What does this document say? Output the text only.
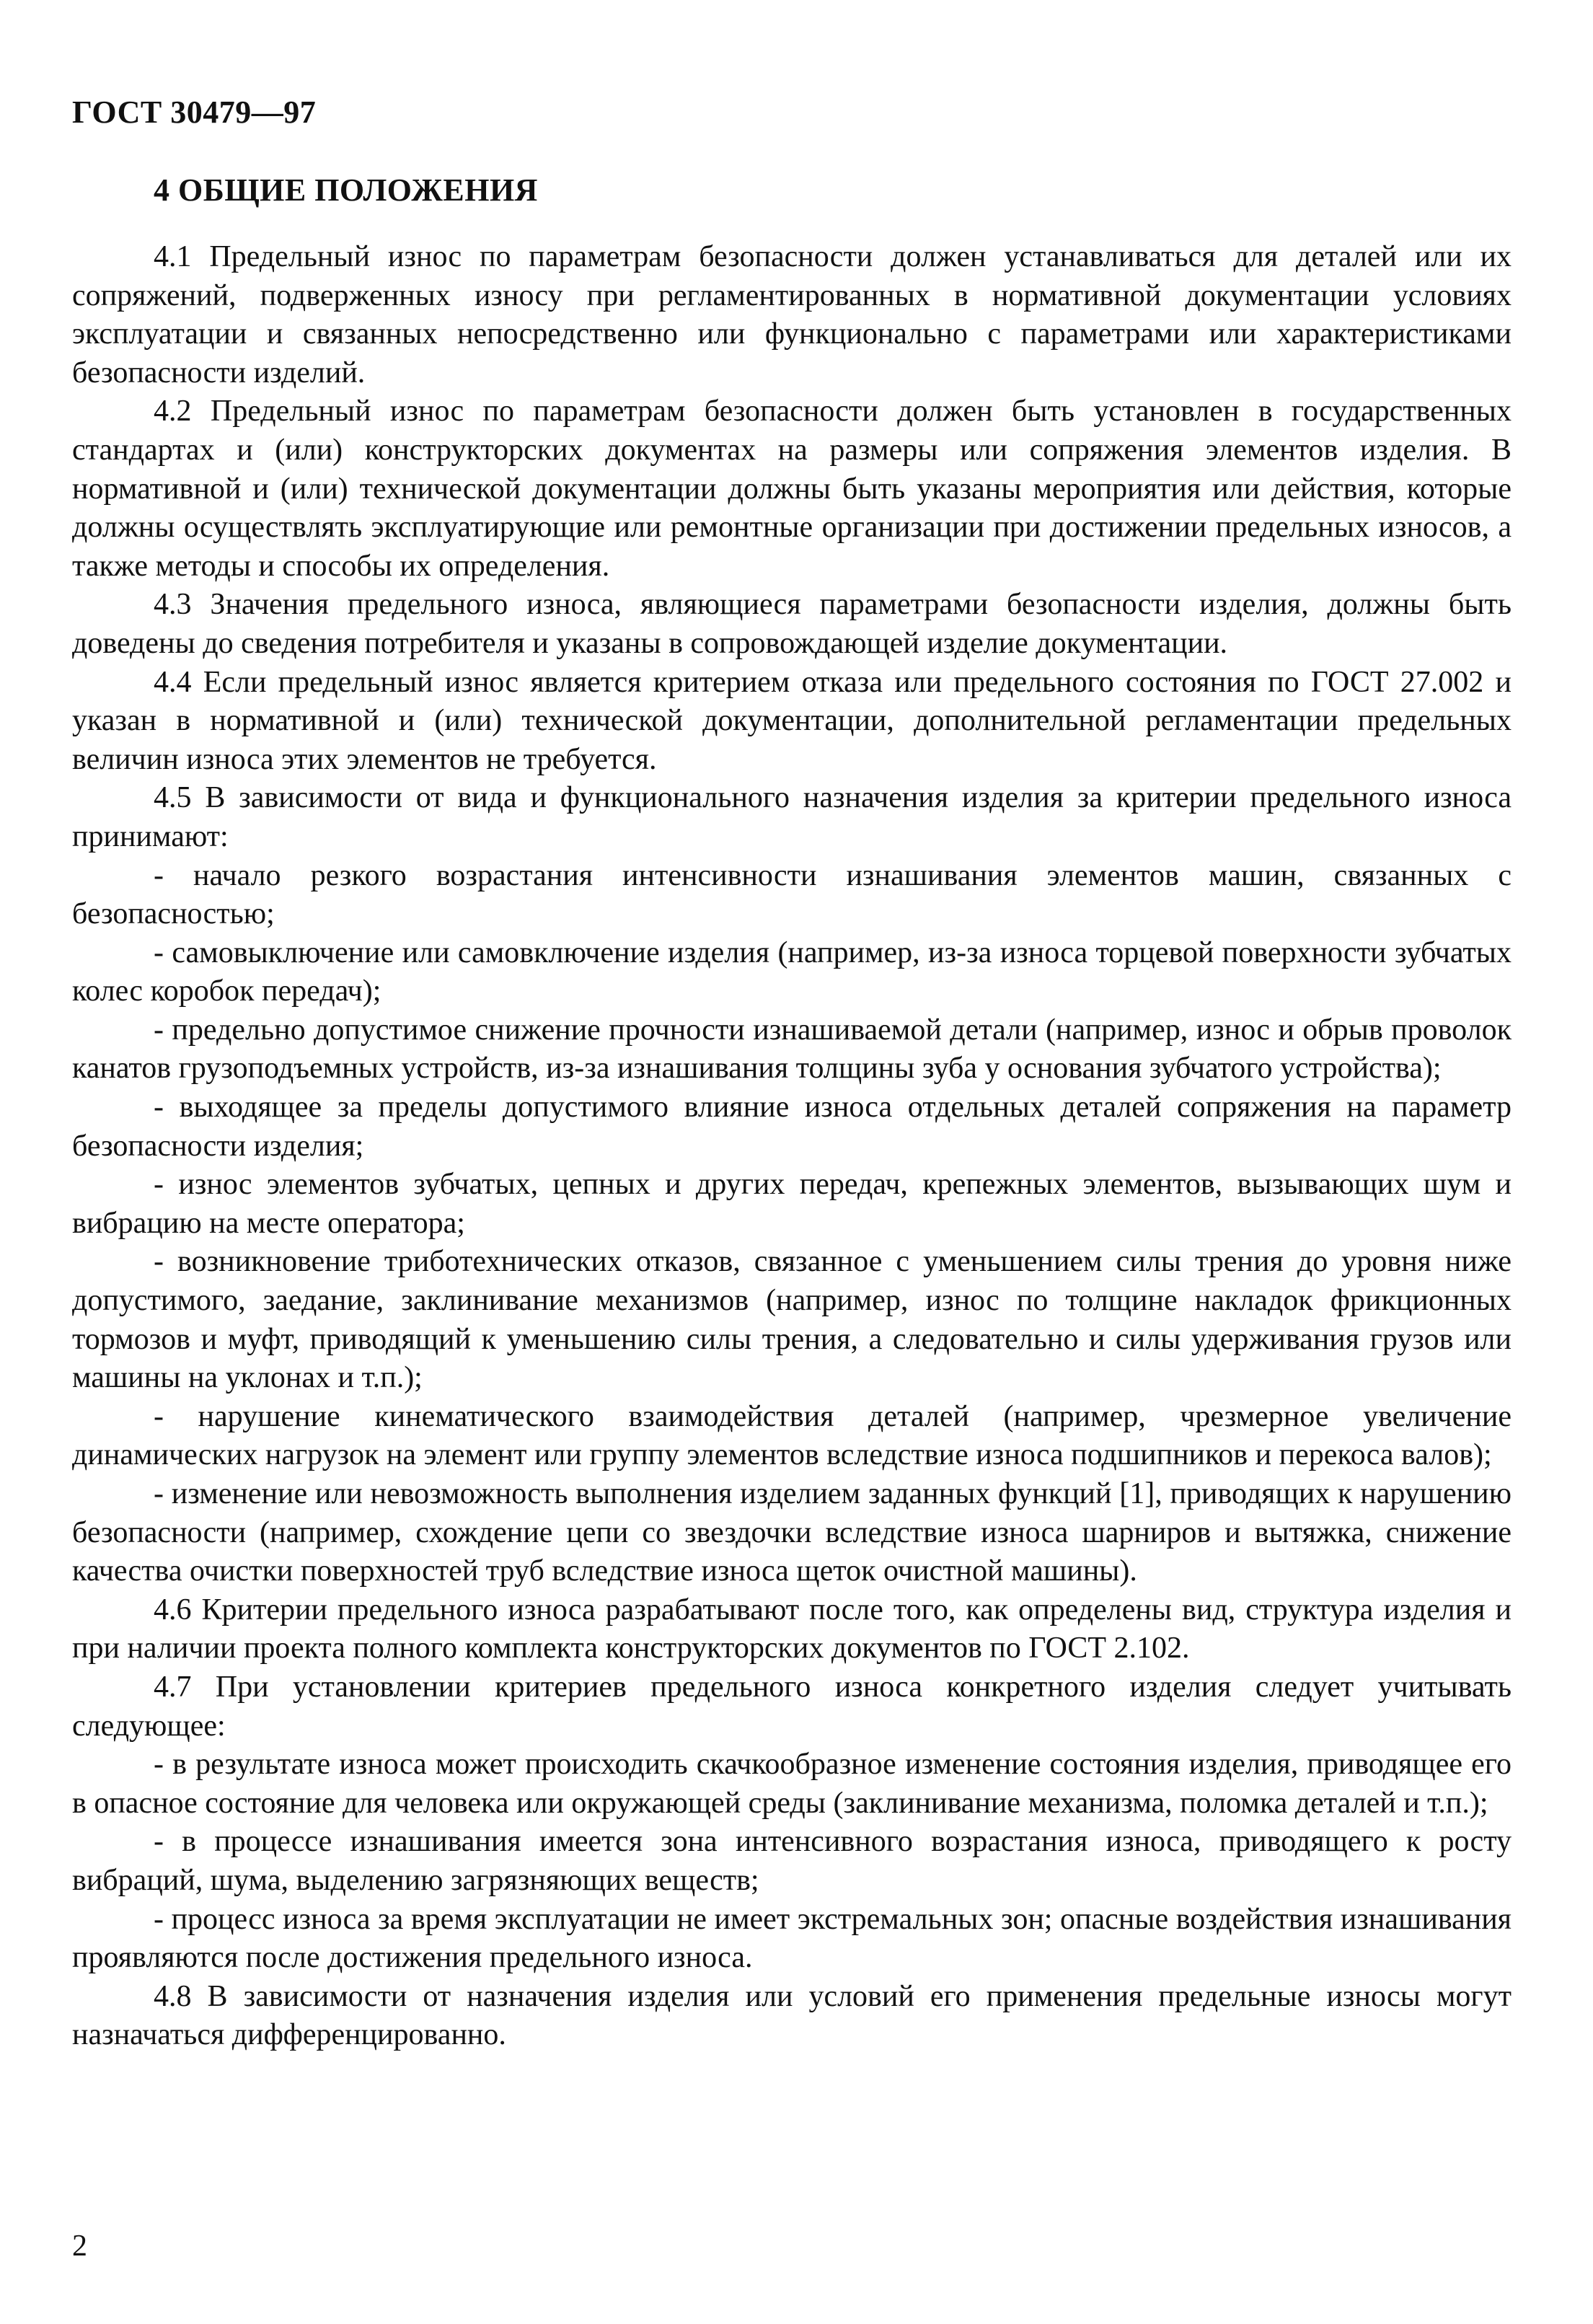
ГОСТ 30479—97
4 ОБЩИЕ ПОЛОЖЕНИЯ

4.1 Предельный износ по параметрам безопасности должен устанавливаться для деталей или их сопряжений, подверженных износу при регламентированных в нормативной документации условиях эксплуатации и связанных непосредственно или функционально с параметрами или характеристиками безопасности изделий.

4.2 Предельный износ по параметрам безопасности должен быть установлен в государственных стандартах и (или) конструкторских документах на размеры или сопряжения элементов изделия. В нормативной и (или) технической документации должны быть указаны мероприятия или действия, которые должны осуществлять эксплуатирующие или ремонтные организации при достижении предельных износов, а также методы и способы их определения.

4.3 Значения предельного износа, являющиеся параметрами безопасности изделия, должны быть доведены до сведения потребителя и указаны в сопровождающей изделие документации.

4.4 Если предельный износ является критерием отказа или предельного состояния по ГОСТ 27.002 и указан в нормативной и (или) технической документации, дополнительной регламентации предельных величин износа этих элементов не требуется.

4.5 В зависимости от вида и функционального назначения изделия за критерии предельного износа принимают:

- начало резкого возрастания интенсивности изнашивания элементов машин, связанных с безопасностью;

- самовыключение или самовключение изделия (например, из-за износа торцевой поверхности зубчатых колес коробок передач);

- предельно допустимое снижение прочности изнашиваемой детали (например, износ и обрыв проволок канатов грузоподъемных устройств, из-за изнашивания толщины зуба у основания зубчатого устройства);

- выходящее за пределы допустимого влияние износа отдельных деталей сопряжения на параметр безопасности изделия;

- износ элементов зубчатых, цепных и других передач, крепежных элементов, вызывающих шум и вибрацию на месте оператора;

- возникновение триботехнических отказов, связанное с уменьшением силы трения до уровня ниже допустимого, заедание, заклинивание механизмов (например, износ по толщине накладок фрикционных тормозов и муфт, приводящий к уменьшению силы трения, а следовательно и силы удерживания грузов или машины на уклонах и т.п.);

- нарушение кинематического взаимодействия деталей (например, чрезмерное увеличение динамических нагрузок на элемент или группу элементов вследствие износа подшипников и перекоса валов);

- изменение или невозможность выполнения изделием заданных функций [1], приводящих к нарушению безопасности (например, схождение цепи со звездочки вследствие износа шарниров и вытяжка, снижение качества очистки поверхностей труб вследствие износа щеток очистной машины).

4.6 Критерии предельного износа разрабатывают после того, как определены вид, структура изделия и при наличии проекта полного комплекта конструкторских документов по ГОСТ 2.102.

4.7 При установлении критериев предельного износа конкретного изделия следует учитывать следующее:

- в результате износа может происходить скачкообразное изменение состояния изделия, приводящее его в опасное состояние для человека или окружающей среды (заклинивание механизма, поломка деталей и т.п.);

- в процессе изнашивания имеется зона интенсивного возрастания износа, приводящего к росту вибраций, шума, выделению загрязняющих веществ;

- процесс износа за время эксплуатации не имеет экстремальных зон; опасные воздействия изнашивания проявляются после достижения предельного износа.

4.8 В зависимости от назначения изделия или условий его применения предельные износы могут назначаться дифференцированно.

2
